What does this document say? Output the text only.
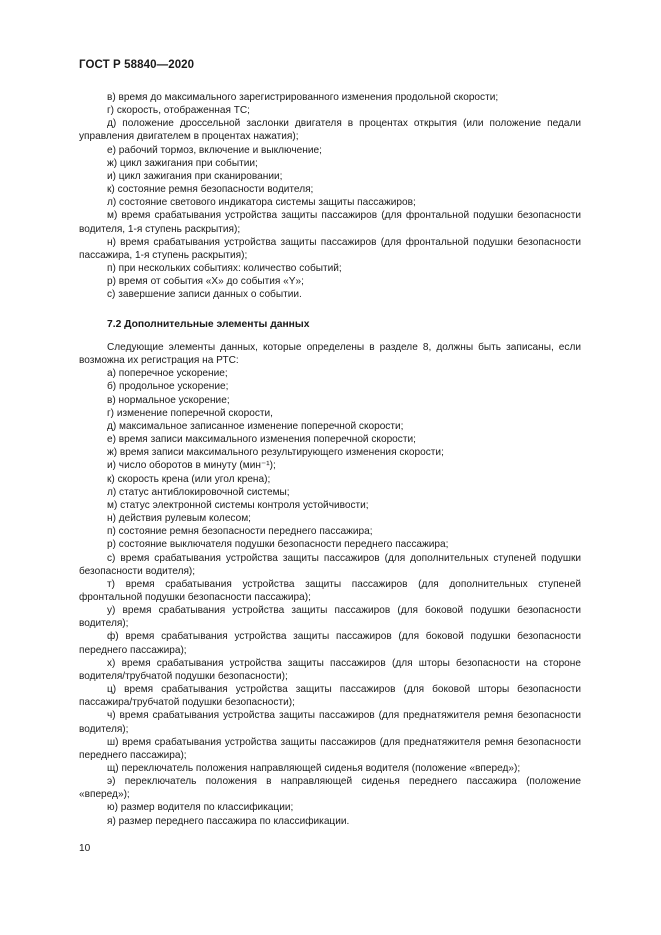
ГОСТ Р 58840—2020

в) время до максимального зарегистрированного изменения продольной скорости;

г) скорость, отображенная ТС;

д) положение дроссельной заслонки двигателя в процентах открытия (или положение педали управления двигателем в процентах нажатия);

е) рабочий тормоз, включение и выключение;

ж) цикл зажигания при событии;

и) цикл зажигания при сканировании;

к) состояние ремня безопасности водителя;

л) состояние светового индикатора системы защиты пассажиров;

м) время срабатывания устройства защиты пассажиров (для фронтальной подушки безопасности водителя, 1-я ступень раскрытия);

н) время срабатывания устройства защиты пассажиров (для фронтальной подушки безопасности пассажира, 1-я ступень раскрытия);

п) при нескольких событиях: количество событий;

р) время от события «X» до события «Y»;

с) завершение записи данных о событии.

7.2 Дополнительные элементы данных

Следующие элементы данных, которые определены в разделе 8, должны быть записаны, если возможна их регистрация на РТС:

а) поперечное ускорение;

б) продольное ускорение;

в) нормальное ускорение;

г) изменение поперечной скорости,

д) максимальное записанное изменение поперечной скорости;

е) время записи максимального изменения поперечной скорости;

ж) время записи максимального результирующего изменения скорости;

и) число оборотов в минуту (мин⁻¹);

к) скорость крена (или угол крена);

л) статус антиблокировочной системы;

м) статус электронной системы контроля устойчивости;

н) действия рулевым колесом;

п) состояние ремня безопасности переднего пассажира;

р) состояние выключателя подушки безопасности переднего пассажира;

с) время срабатывания устройства защиты пассажиров (для дополнительных ступеней подушки безопасности водителя);

т) время срабатывания устройства защиты пассажиров (для дополнительных ступеней фронтальной подушки безопасности пассажира);

у) время срабатывания устройства защиты пассажиров (для боковой подушки безопасности водителя);

ф) время срабатывания устройства защиты пассажиров (для боковой подушки безопасности переднего пассажира);

х) время срабатывания устройства защиты пассажиров (для шторы безопасности на стороне водителя/трубчатой подушки безопасности);

ц) время срабатывания устройства защиты пассажиров (для боковой шторы безопасности пассажира/трубчатой подушки безопасности);

ч) время срабатывания устройства защиты пассажиров (для преднатяжителя ремня безопасности водителя);

ш) время срабатывания устройства защиты пассажиров (для преднатяжителя ремня безопасности переднего пассажира);

щ) переключатель положения направляющей сиденья водителя (положение «вперед»);

э) переключатель положения в направляющей сиденья переднего пассажира (положение «вперед»);

ю) размер водителя по классификации;

я) размер переднего пассажира по классификации.

10
